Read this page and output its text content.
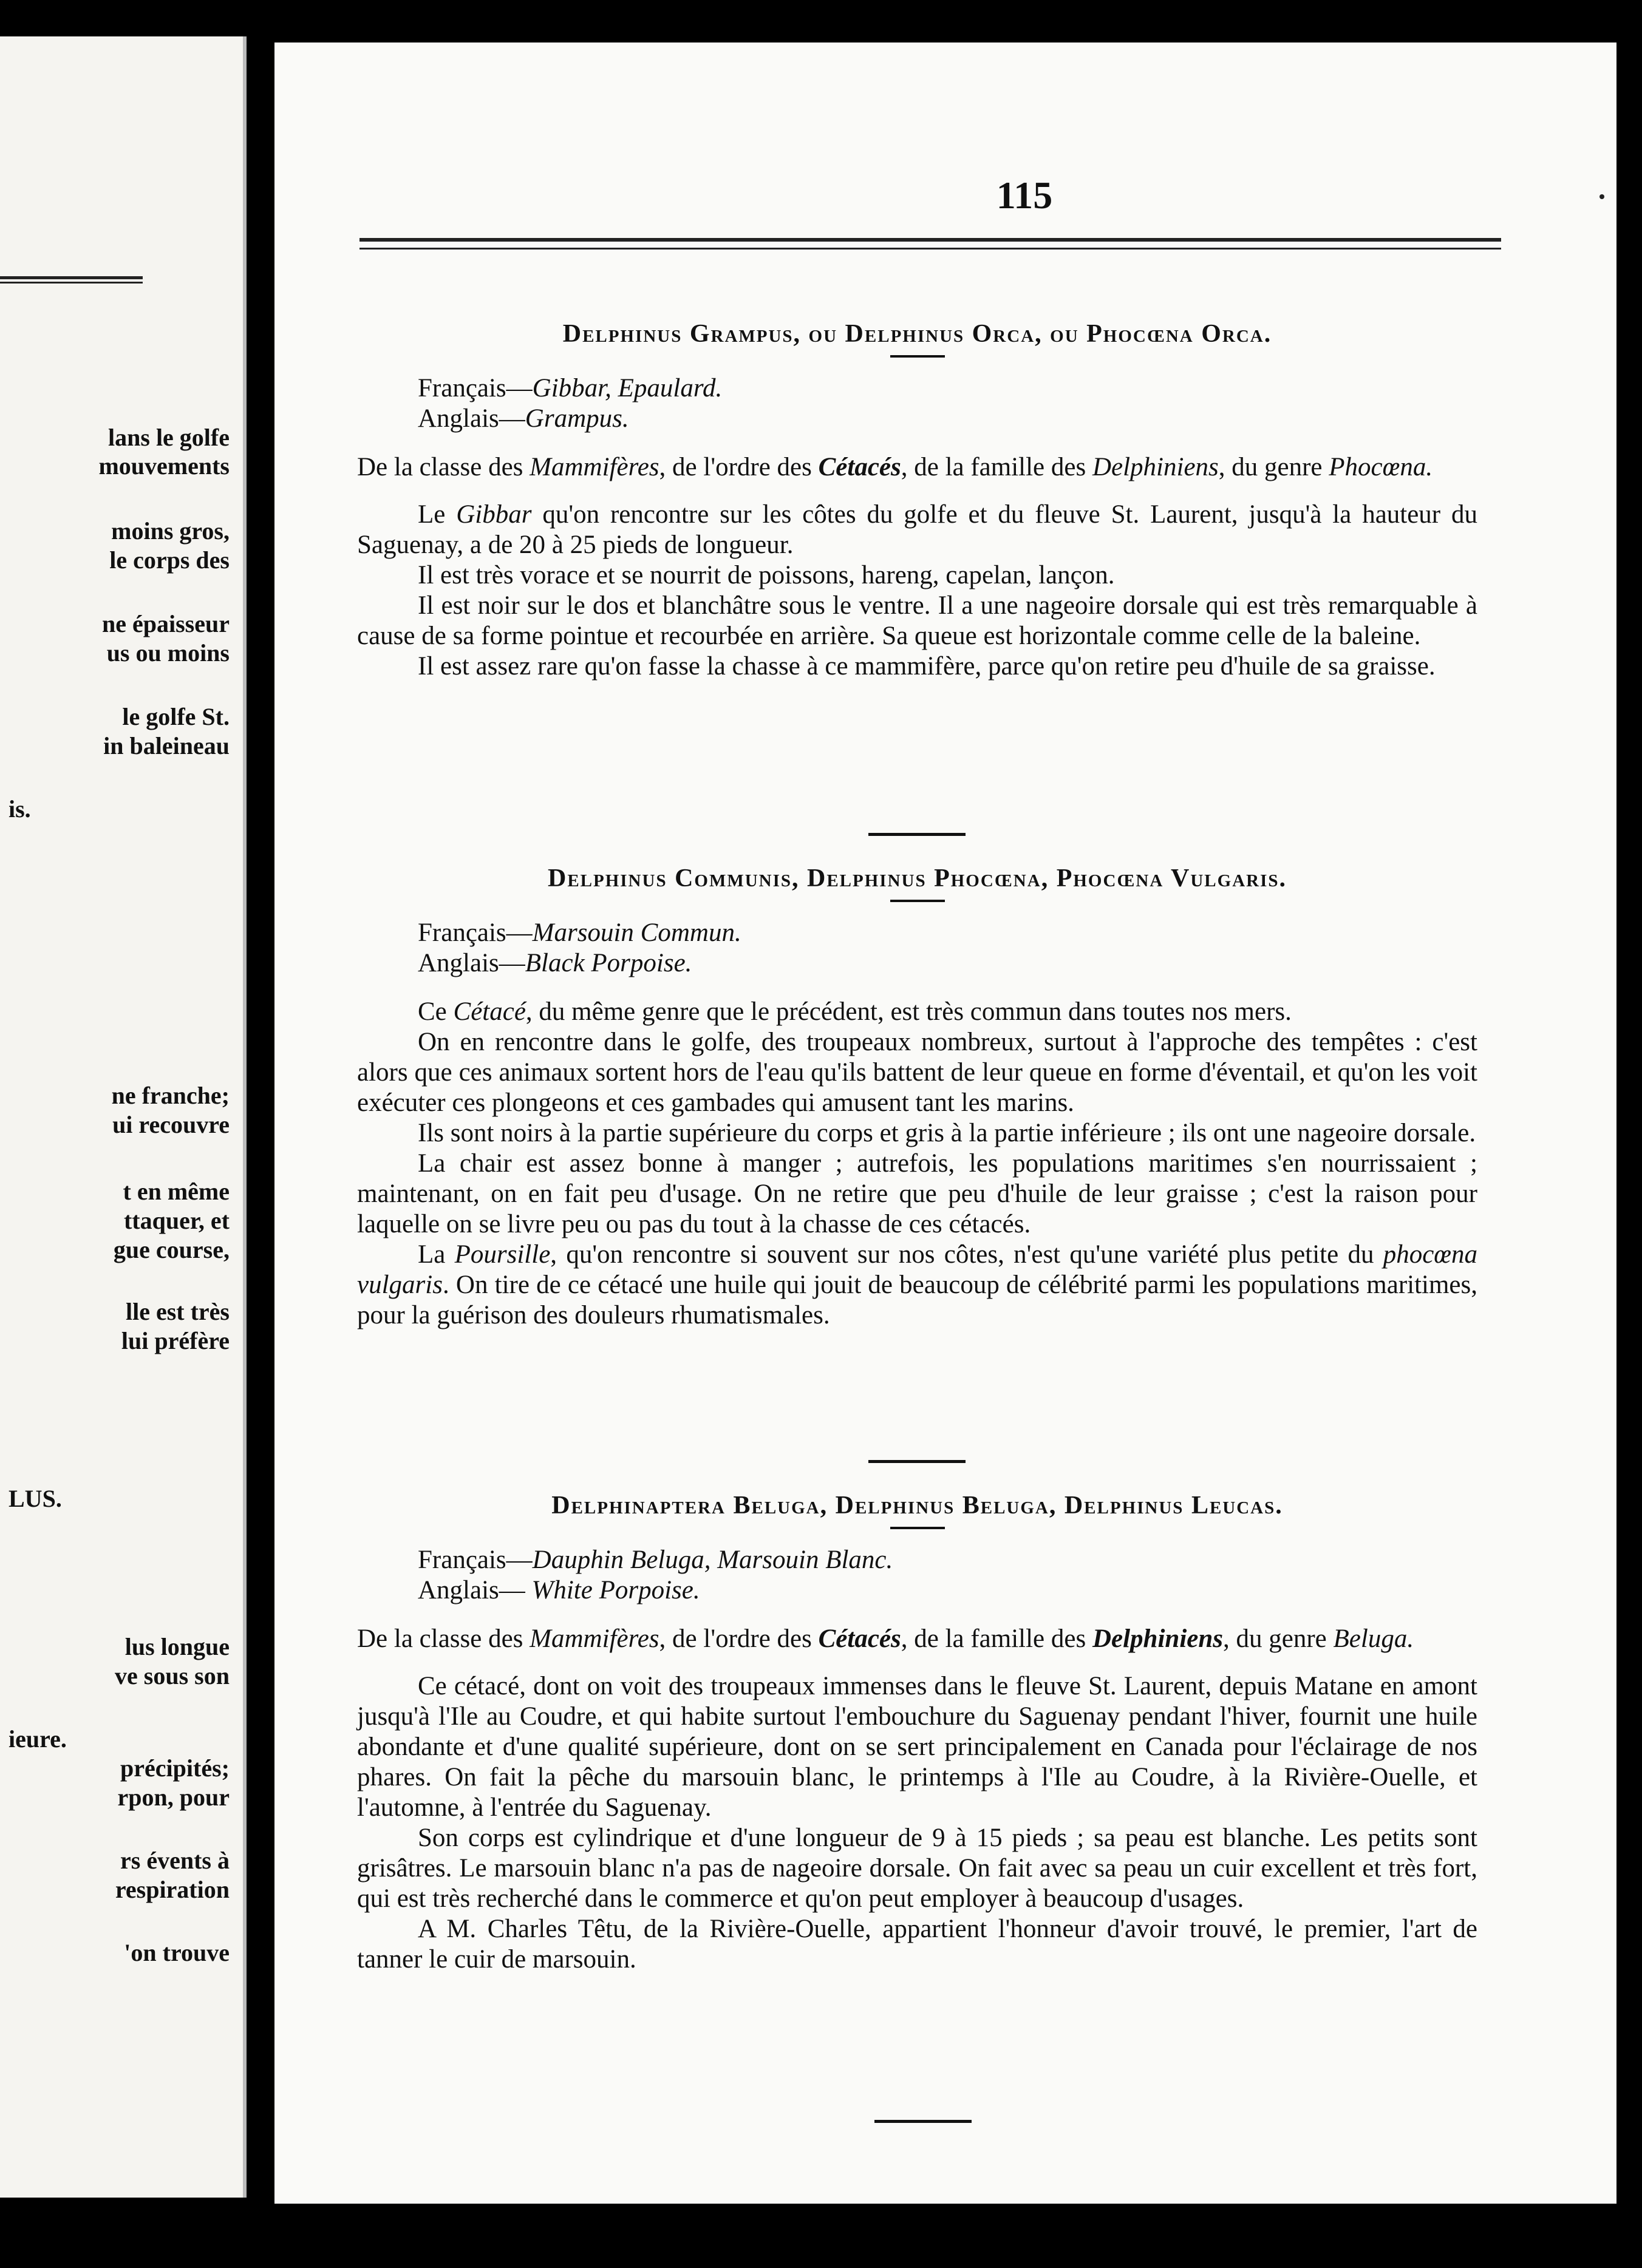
lans le golfe
mouvements
moins gros,
le corps des
ne épaisseur
us ou moins
le golfe St.
in baleineau
is.
ne franche;
ui recouvre
t en même
ttaquer, et
gue course,
lle est très
lui préfère
LUS.
lus longue
ve sous son
ieure.
précipités;
rpon, pour
rs évents à
respiration
'on trouve
115
Delphinus Grampus, ou Delphinus Orca, ou Phocœna Orca.
Français—Gibbar, Epaulard.
Anglais—Grampus.
De la classe des Mammifères, de l'ordre des Cétacés, de la famille des Delphiniens, du genre Phocœna.

Le Gibbar qu'on rencontre sur les côtes du golfe et du fleuve St. Laurent, jusqu'à la hauteur du Saguenay, a de 20 à 25 pieds de longueur.

Il est très vorace et se nourrit de poissons, hareng, capelan, lançon.

Il est noir sur le dos et blanchâtre sous le ventre. Il a une nageoire dorsale qui est très remarquable à cause de sa forme pointue et recourbée en arrière. Sa queue est horizontale comme celle de la baleine.

Il est assez rare qu'on fasse la chasse à ce mammifère, parce qu'on retire peu d'huile de sa graisse.

Delphinus Communis, Delphinus Phocœna, Phocœna Vulgaris.
Français—Marsouin Commun.
Anglais—Black Porpoise.

Ce Cétacé, du même genre que le précédent, est très commun dans toutes nos mers.

On en rencontre dans le golfe, des troupeaux nombreux, surtout à l'approche des tempêtes : c'est alors que ces animaux sortent hors de l'eau qu'ils battent de leur queue en forme d'éventail, et qu'on les voit exécuter ces plongeons et ces gambades qui amusent tant les marins.

Ils sont noirs à la partie supérieure du corps et gris à la partie inférieure ; ils ont une nageoire dorsale.

La chair est assez bonne à manger ; autrefois, les populations maritimes s'en nourrissaient ; maintenant, on en fait peu d'usage. On ne retire que peu d'huile de leur graisse ; c'est la raison pour laquelle on se livre peu ou pas du tout à la chasse de ces cétacés.

La Poursille, qu'on rencontre si souvent sur nos côtes, n'est qu'une variété plus petite du phocœna vulgaris. On tire de ce cétacé une huile qui jouit de beaucoup de célébrité parmi les populations maritimes, pour la guérison des douleurs rhumatismales.

Delphinaptera Beluga, Delphinus Beluga, Delphinus Leucas.
Français—Dauphin Beluga, Marsouin Blanc.
Anglais— White Porpoise.
De la classe des Mammifères, de l'ordre des Cétacés, de la famille des Delphiniens, du genre Beluga.

Ce cétacé, dont on voit des troupeaux immenses dans le fleuve St. Laurent, depuis Matane en amont jusqu'à l'Ile au Coudre, et qui habite surtout l'embouchure du Saguenay pendant l'hiver, fournit une huile abondante et d'une qualité supérieure, dont on se sert principalement en Canada pour l'éclairage de nos phares. On fait la pêche du marsouin blanc, le printemps à l'Ile au Coudre, à la Rivière-Ouelle, et l'automne, à l'entrée du Saguenay.

Son corps est cylindrique et d'une longueur de 9 à 15 pieds ; sa peau est blanche. Les petits sont grisâtres. Le marsouin blanc n'a pas de nageoire dorsale. On fait avec sa peau un cuir excellent et très fort, qui est très recherché dans le commerce et qu'on peut employer à beaucoup d'usages.

A M. Charles Têtu, de la Rivière-Ouelle, appartient l'honneur d'avoir trouvé, le premier, l'art de tanner le cuir de marsouin.
